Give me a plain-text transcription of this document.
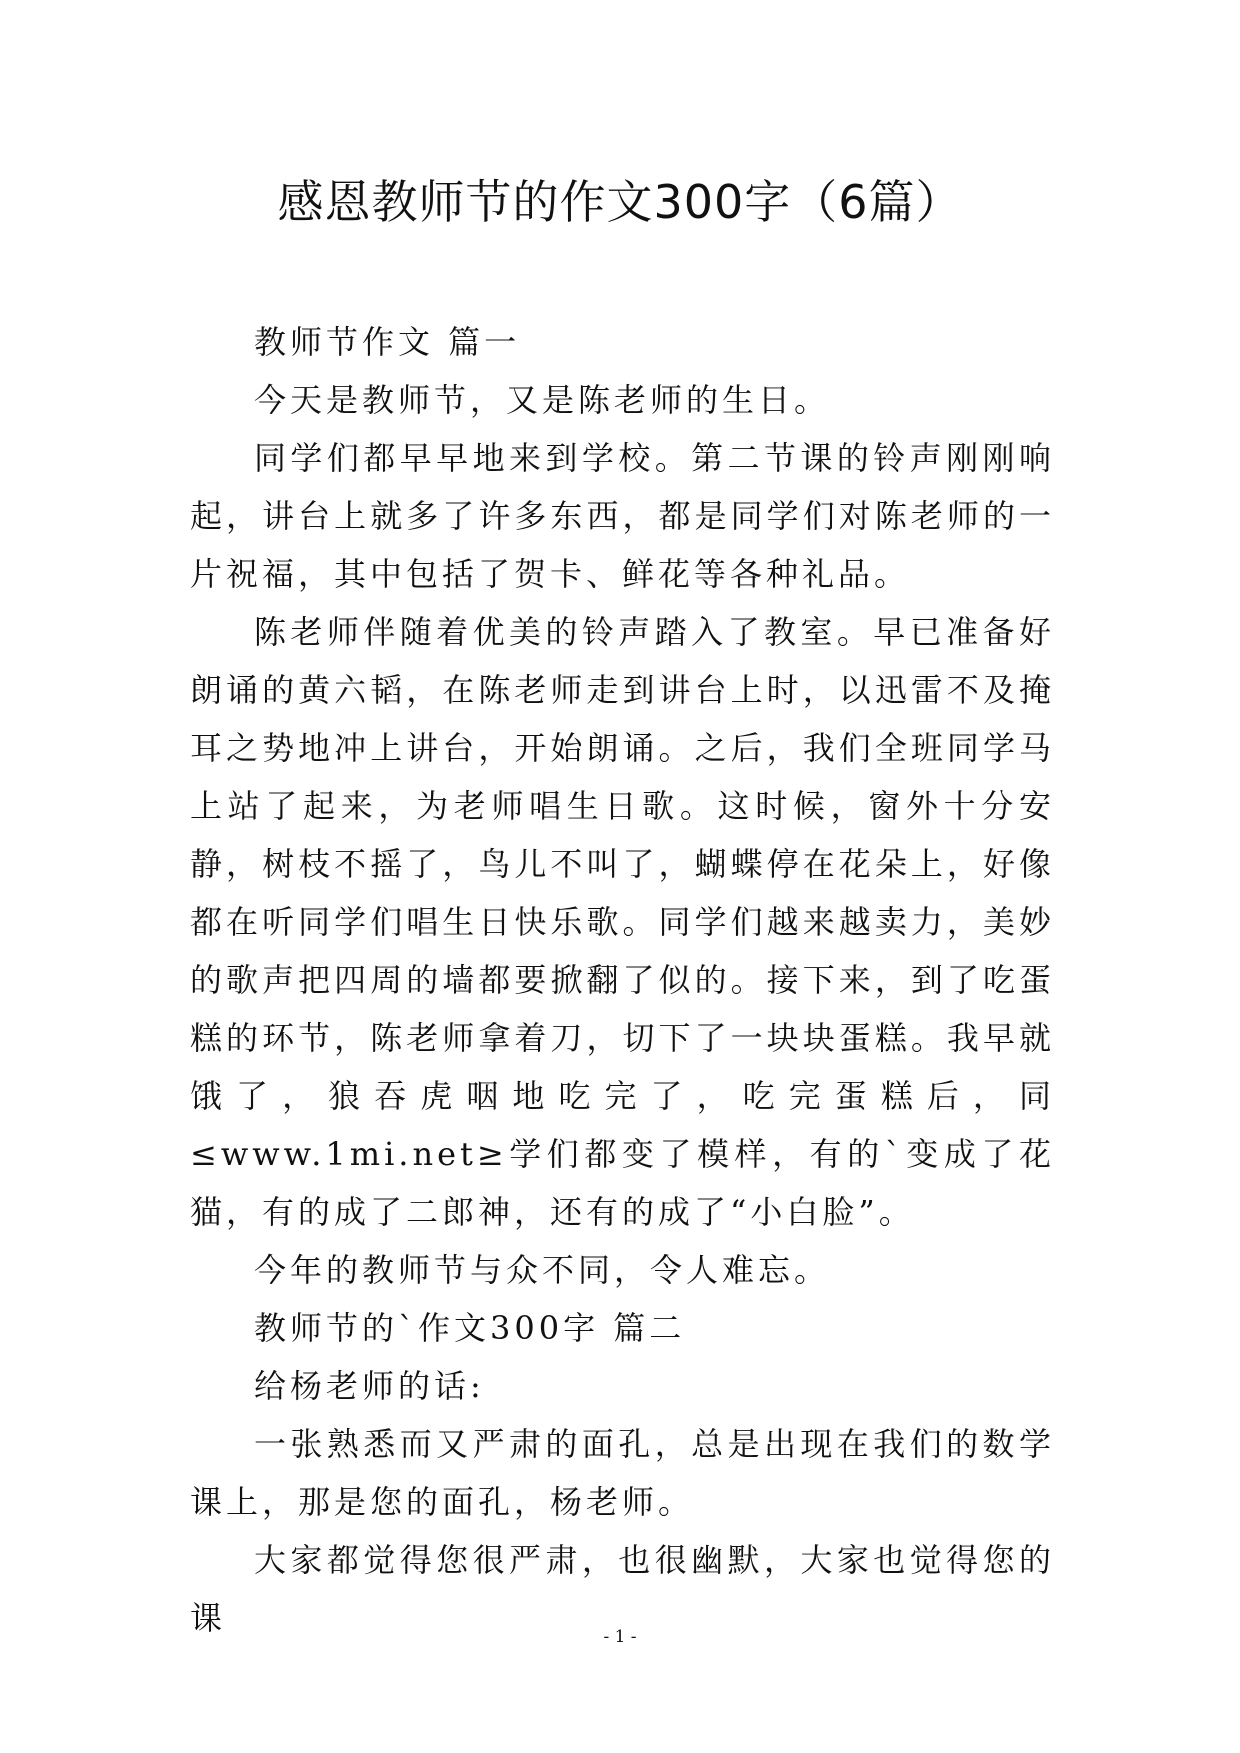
感恩教师节的作文300字（6篇）

教师节作文 篇一

今天是教师节，又是陈老师的生日。

同学们都早早地来到学校。第二节课的铃声刚刚响起，讲台上就多了许多东西，都是同学们对陈老师的一片祝福，其中包括了贺卡、鲜花等各种礼品。

陈老师伴随着优美的铃声踏入了教室。早已准备好朗诵的黄六韬，在陈老师走到讲台上时，以迅雷不及掩耳之势地冲上讲台，开始朗诵。之后，我们全班同学马上站了起来，为老师唱生日歌。这时候，窗外十分安静，树枝不摇了，鸟儿不叫了，蝴蝶停在花朵上，好像都在听同学们唱生日快乐歌。同学们越来越卖力，美妙的歌声把四周的墙都要掀翻了似的。接下来，到了吃蛋糕的环节，陈老师拿着刀，切下了一块块蛋糕。我早就饿了，狼吞虎咽地吃完了，吃完蛋糕后，同≤www.1mi.net≥学们都变了模样，有的`变成了花猫，有的成了二郎神，还有的成了“小白脸”。

今年的教师节与众不同，令人难忘。

教师节的`作文300字 篇二

给杨老师的话:

一张熟悉而又严肃的面孔，总是出现在我们的数学课上，那是您的面孔，杨老师。

大家都觉得您很严肃，也很幽默，大家也觉得您的课	- 1 -
